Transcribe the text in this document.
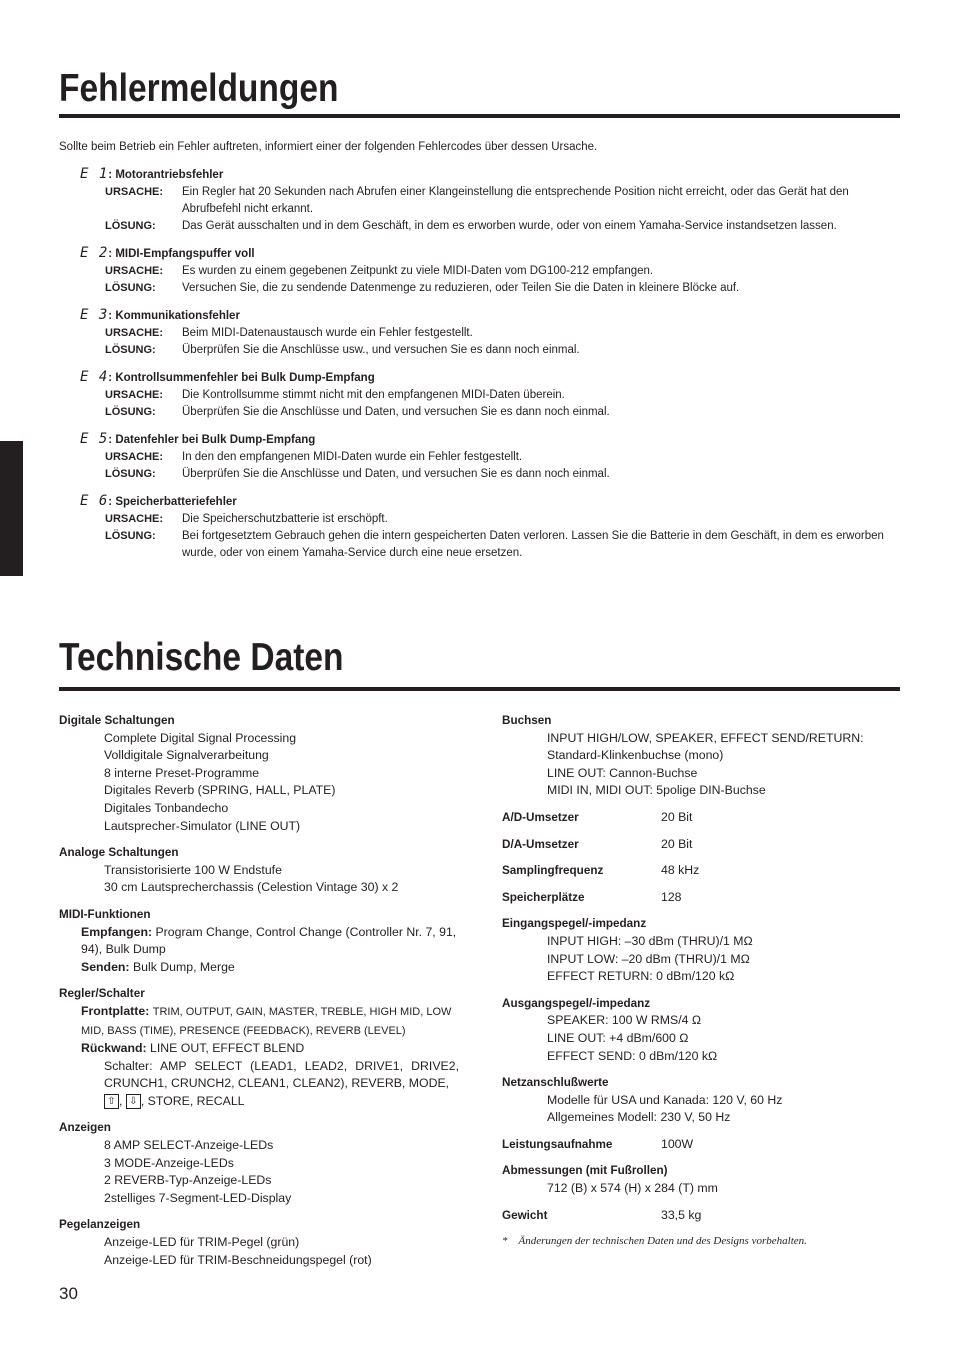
Fehlermeldungen
Sollte beim Betrieb ein Fehler auftreten, informiert einer der folgenden Fehlercodes über dessen Ursache.
E 1 : Motorantriebsfehler
URSACHE:	Ein Regler hat 20 Sekunden nach Abrufen einer Klangeinstellung die entsprechende Position nicht erreicht, oder das Gerät hat den Abrufbefehl nicht erkannt.
LÖSUNG:	Das Gerät ausschalten und in dem Geschäft, in dem es erworben wurde, oder von einem Yamaha-Service instandsetzen lassen.
E 2 : MIDI-Empfangspuffer voll
URSACHE:	Es wurden zu einem gegebenen Zeitpunkt zu viele MIDI-Daten vom DG100-212 empfangen.
LÖSUNG:	Versuchen Sie, die zu sendende Datenmenge zu reduzieren, oder Teilen Sie die Daten in kleinere Blöcke auf.
E 3 : Kommunikationsfehler
URSACHE:	Beim MIDI-Datenaustausch wurde ein Fehler festgestellt.
LÖSUNG:	Überprüfen Sie die Anschlüsse usw., und versuchen Sie es dann noch einmal.
E 4 : Kontrollsummenfehler bei Bulk Dump-Empfang
URSACHE:	Die Kontrollsumme stimmt nicht mit den empfangenen MIDI-Daten überein.
LÖSUNG:	Überprüfen Sie die Anschlüsse und Daten, und versuchen Sie es dann noch einmal.
E 5 : Datenfehler bei Bulk Dump-Empfang
URSACHE:	In den den empfangenen MIDI-Daten wurde ein Fehler festgestellt.
LÖSUNG:	Überprüfen Sie die Anschlüsse und Daten, und versuchen Sie es dann noch einmal.
E 6 : Speicherbatteriefehler
URSACHE:	Die Speicherschutzbatterie ist erschöpft.
LÖSUNG:	Bei fortgesetztem Gebrauch gehen die intern gespeicherten Daten verloren. Lassen Sie die Batterie in dem Geschäft, in dem es erworben wurde, oder von einem Yamaha-Service durch eine neue ersetzen.
Technische Daten
Digitale Schaltungen
Complete Digital Signal Processing
Volldigitale Signalverarbeitung
8 interne Preset-Programme
Digitales Reverb (SPRING, HALL, PLATE)
Digitales Tonbandecho
Lautsprecher-Simulator (LINE OUT)
Analoge Schaltungen
Transistorisierte 100 W Endstufe
30 cm Lautsprecherchassis (Celestion Vintage 30) x 2
MIDI-Funktionen
Empfangen: Program Change, Control Change (Controller Nr. 7, 91, 94), Bulk Dump
Senden: Bulk Dump, Merge
Regler/Schalter
Frontplatte: TRIM, OUTPUT, GAIN, MASTER, TREBLE, HIGH MID, LOW MID, BASS (TIME), PRESENCE (FEEDBACK), REVERB (LEVEL)
Rückwand: LINE OUT, EFFECT BLEND
Schalter: AMP SELECT (LEAD1, LEAD2, DRIVE1, DRIVE2, CRUNCH1, CRUNCH2, CLEAN1, CLEAN2), REVERB, MODE,
⇧ , ⇩ , STORE, RECALL
Anzeigen
8 AMP SELECT-Anzeige-LEDs
3 MODE-Anzeige-LEDs
2 REVERB-Typ-Anzeige-LEDs
2stelliges 7-Segment-LED-Display
Pegelanzeigen
Anzeige-LED für TRIM-Pegel (grün)
Anzeige-LED für TRIM-Beschneidungspegel (rot)
Buchsen
INPUT HIGH/LOW, SPEAKER, EFFECT SEND/RETURN: Standard-Klinkenbuchse (mono)
LINE OUT: Cannon-Buchse
MIDI IN, MIDI OUT: 5polige DIN-Buchse
A/D-Umsetzer	20 Bit
D/A-Umsetzer	20 Bit
Samplingfrequenz	48 kHz
Speicherplätze	128
Eingangspegel/-impedanz
INPUT HIGH: –30 dBm (THRU)/1 MΩ
INPUT LOW: –20 dBm (THRU)/1 MΩ
EFFECT RETURN: 0 dBm/120 kΩ
Ausgangspegel/-impedanz
SPEAKER: 100 W RMS/4 Ω
LINE OUT: +4 dBm/600 Ω
EFFECT SEND: 0 dBm/120 kΩ
Netzanschlußwerte
Modelle für USA und Kanada: 120 V, 60 Hz
Allgemeines Modell: 230 V, 50 Hz
Leistungsaufnahme	100W
Abmessungen (mit Fußrollen)
712 (B) x 574 (H) x 284 (T) mm
Gewicht	33,5 kg
* Änderungen der technischen Daten und des Designs vorbehalten.
30
